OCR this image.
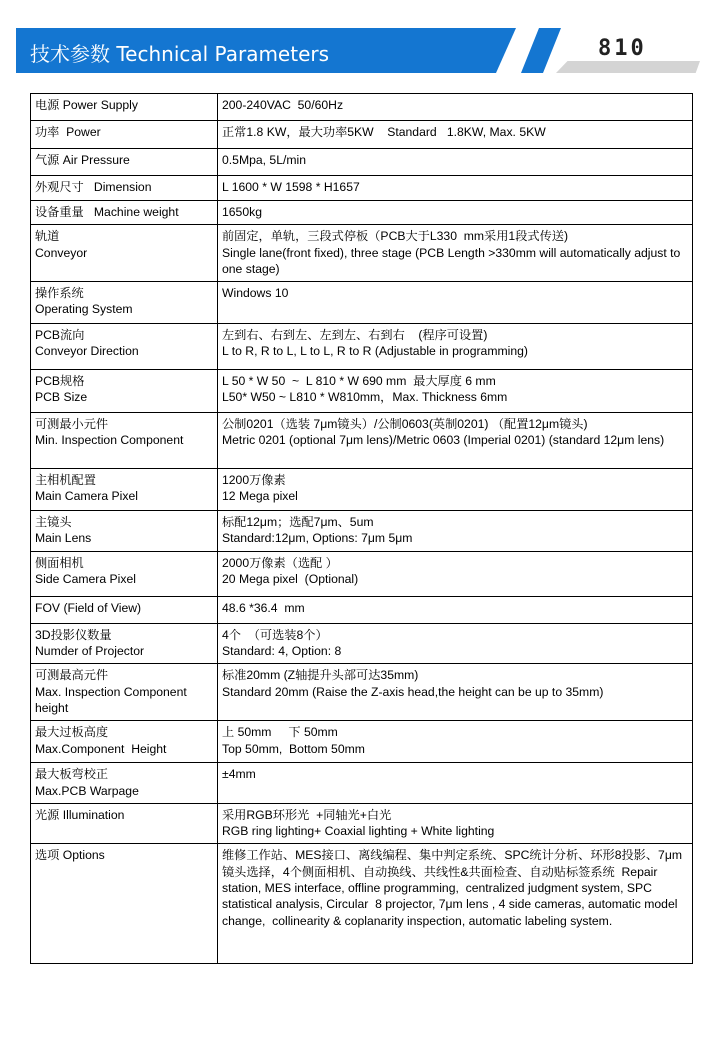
技术参数 Technical Parameters	810
电源 Power Supply	200-240VAC  50/60Hz

功率  Power	正常1.8 KW，最大功率5KW    Standard   1.8KW, Max. 5KW

气源 Air Pressure	0.5Mpa, 5L/min

外观尺寸   Dimension	L 1600 * W 1598 * H1657

设备重量   Machine weight	1650kg

轨道
Conveyor	前固定，单轨，三段式停板（PCB大于L330  mm采用1段式传送)
Single lane(front fixed), three stage (PCB Length >330mm will automatically adjust to one stage)

操作系统
Operating System	Windows 10

PCB流向
Conveyor Direction	左到右、右到左、左到左、右到右    (程序可设置)
L to R, R to L, L to L, R to R (Adjustable in programming)

PCB规格
PCB Size	L 50 * W 50  ~  L 810 * W 690 mm  最大厚度 6 mm
L50* W50 ~ L810 * W810mm，Max. Thickness 6mm

可测最小元件
Min. Inspection Component	公制0201（选装 7μm镜头）/公制0603(英制0201) （配置12μm镜头)
Metric 0201 (optional 7μm lens)/Metric 0603 (Imperial 0201) (standard 12μm lens)

主相机配置
Main Camera Pixel	1200万像素
12 Mega pixel

主镜头
Main Lens	标配12μm；选配7μm、5um
Standard:12μm, Options: 7μm 5μm

侧面相机
Side Camera Pixel	2000万像素（选配 ）
20 Mega pixel  (Optional)

FOV (Field of View)	48.6 *36.4  mm

3D投影仪数量
Numder of Projector	4个  （可选装8个）
Standard: 4, Option: 8

可测最高元件
Max. Inspection Component height	标准20mm (Z轴提升头部可达35mm)
Standard 20mm (Raise the Z-axis head,the height can be up to 35mm)

最大过板高度
Max.Component  Height	上 50mm     下 50mm
Top 50mm,  Bottom 50mm

最大板弯校正
Max.PCB Warpage	±4mm

光源 Illumination	采用RGB环形光  +同轴光+白光
RGB ring lighting+ Coaxial lighting + White lighting

选项 Options	维修工作站、MES接口、离线编程、集中判定系统、SPC统计分析、环形8投影、7μm镜头选择，4个侧面相机、自动换线、共线性&共面检查、自动贴标签系统  Repair station, MES interface, offline programming,  centralized judgment system, SPC statistical analysis, Circular  8 projector, 7μm lens , 4 side cameras, automatic model change,  collinearity & coplanarity inspection, automatic labeling system.
